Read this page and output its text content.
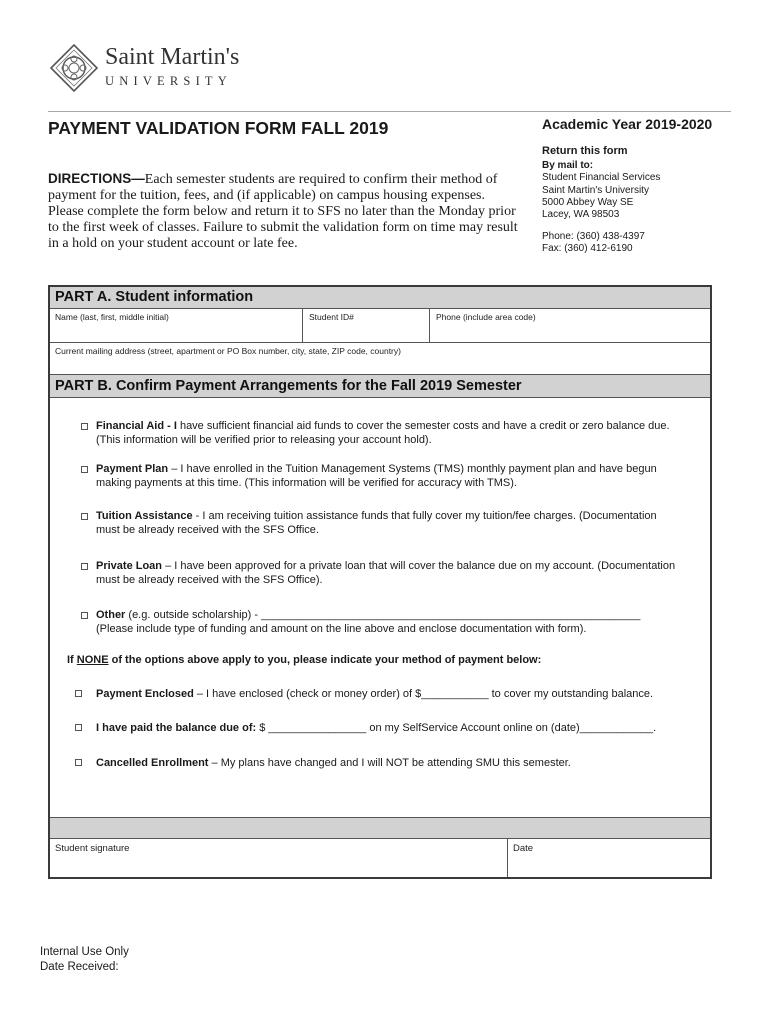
Saint Martin's
UNIVERSITY
PAYMENT VALIDATION FORM FALL 2019	Academic Year 2019-2020
Return this form
By mail to:
Student Financial Services
Saint Martin's University
5000 Abbey Way SE
Lacey, WA 98503
Phone: (360) 438-4397
Fax: (360) 412-6190
DIRECTIONS—Each semester students are required to confirm their method of payment for the tuition, fees, and (if applicable) on campus housing expenses. Please complete the form below and return it to SFS no later than the Monday prior to the first week of classes. Failure to submit the validation form on time may result in a hold on your student account or late fee.
PART A. Student information
Name (last, first, middle initial)	Student ID#	Phone (include area code)
Current mailing address (street, apartment or PO Box number, city, state, ZIP code, country)
PART B. Confirm Payment Arrangements for the Fall 2019 Semester
Financial Aid - I have sufficient financial aid funds to cover the semester costs and have a credit or zero balance due.
(This information will be verified prior to releasing your account hold).
Payment Plan – I have enrolled in the Tuition Management Systems (TMS) monthly payment plan and have begun
making payments at this time. (This information will be verified for accuracy with TMS).
Tuition Assistance - I am receiving tuition assistance funds that fully cover my tuition/fee charges. (Documentation
must be already received with the SFS Office.
Private Loan – I have been approved for a private loan that will cover the balance due on my account. (Documentation
must be already received with the SFS Office).
Other (e.g. outside scholarship) - ______________________________________________________________
(Please include type of funding and amount on the line above and enclose documentation with form).
If NONE of the options above apply to you, please indicate your method of payment below:
Payment Enclosed – I have enclosed (check or money order) of $___________ to cover my outstanding balance.
I have paid the balance due of: $ ________________ on my SelfService Account online on (date)____________.
Cancelled Enrollment – My plans have changed and I will NOT be attending SMU this semester.
Student signature	Date
Internal Use Only
Date Received:
